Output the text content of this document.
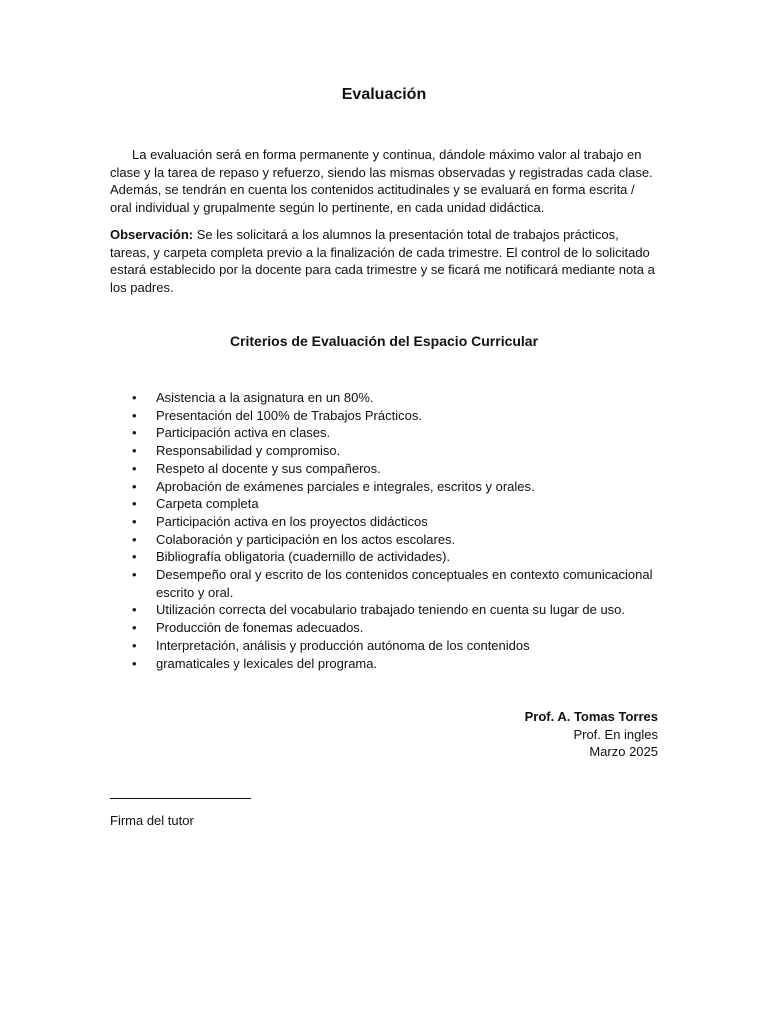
Evaluación

La evaluación será en forma permanente y continua, dándole máximo valor al trabajo en clase y la tarea de repaso y refuerzo, siendo las mismas observadas y registradas cada clase. Además, se tendrán en cuenta los contenidos actitudinales y se evaluará en forma escrita / oral individual y grupalmente según lo pertinente, en cada unidad didáctica.

Observación: Se les solicitará a los alumnos la presentación total de trabajos prácticos, tareas, y carpeta completa previo a la finalización de cada trimestre. El control de lo solicitado estará establecido por la docente para cada trimestre y se ficará me notificará mediante nota a los padres.

Criterios de Evaluación del Espacio Curricular
• Asistencia a la asignatura en un 80%.
• Presentación del 100% de Trabajos Prácticos.
• Participación activa en clases.
• Responsabilidad y compromiso.
• Respeto al docente y sus compañeros.
• Aprobación de exámenes parciales e integrales, escritos y orales.
• Carpeta completa
• Participación activa en los proyectos didácticos
• Colaboración y participación en los actos escolares.
• Bibliografía obligatoria (cuadernillo de actividades).
• Desempeño oral y escrito de los contenidos conceptuales en contexto comunicacional escrito y oral.
• Utilización correcta del vocabulario trabajado teniendo en cuenta su lugar de uso.
• Producción de fonemas adecuados.
• Interpretación, análisis y producción autónoma de los contenidos
• gramaticales y lexicales del programa.
Prof. A. Tomas Torres
Prof. En ingles
Marzo 2025
Firma del tutor
